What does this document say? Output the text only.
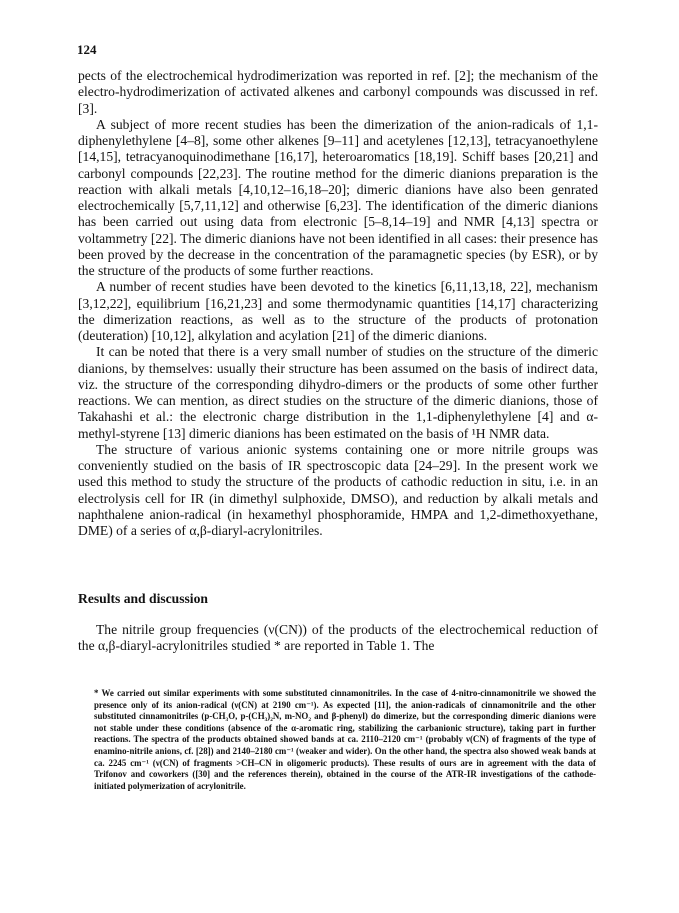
124

pects of the electrochemical hydrodimerization was reported in ref. [2]; the mechanism of the electro-hydrodimerization of activated alkenes and carbonyl compounds was discussed in ref. [3].

A subject of more recent studies has been the dimerization of the anion-radicals of 1,1-diphenylethylene [4–8], some other alkenes [9–11] and acetylenes [12,13], tetracyanoethylene [14,15], tetracyanoquinodimethane [16,17], heteroaromatics [18,19]. Schiff bases [20,21] and carbonyl compounds [22,23]. The routine method for the dimeric dianions preparation is the reaction with alkali metals [4,10,12–16,18–20]; dimeric dianions have also been genrated electrochemically [5,7,11,12] and otherwise [6,23]. The identification of the dimeric dianions has been carried out using data from electronic [5–8,14–19] and NMR [4,13] spectra or voltammetry [22]. The dimeric dianions have not been identified in all cases: their presence has been proved by the decrease in the concentration of the paramagnetic species (by ESR), or by the structure of the products of some further reactions.

A number of recent studies have been devoted to the kinetics [6,11,13,18, 22], mechanism [3,12,22], equilibrium [16,21,23] and some thermodynamic quantities [14,17] characterizing the dimerization reactions, as well as to the structure of the products of protonation (deuteration) [10,12], alkylation and acylation [21] of the dimeric dianions.

It can be noted that there is a very small number of studies on the structure of the dimeric dianions, by themselves: usually their structure has been assumed on the basis of indirect data, viz. the structure of the corresponding dihydro-dimers or the products of some other further reactions. We can mention, as direct studies on the structure of the dimeric dianions, those of Takahashi et al.: the electronic charge distribution in the 1,1-diphenylethylene [4] and α-methyl-styrene [13] dimeric dianions has been estimated on the basis of ¹H NMR data.

The structure of various anionic systems containing one or more nitrile groups was conveniently studied on the basis of IR spectroscopic data [24–29]. In the present work we used this method to study the structure of the products of cathodic reduction in situ, i.e. in an electrolysis cell for IR (in dimethyl sulphoxide, DMSO), and reduction by alkali metals and naphthalene anion-radical (in hexamethyl phosphoramide, HMPA and 1,2-dimethoxyethane, DME) of a series of α,β-diaryl-acrylonitriles.

Results and discussion

The nitrile group frequencies (ν(CN)) of the products of the electrochemical reduction of the α,β-diaryl-acrylonitriles studied * are reported in Table 1. The

* We carried out similar experiments with some substituted cinnamonitriles. In the case of 4-nitro-cinnamonitrile we showed the presence only of its anion-radical (ν(CN) at 2190 cm⁻¹). As expected [11], the anion-radicals of cinnamonitrile and the other substituted cinnamonitriles (p-CH₃O, p-(CH₃)₂N, m-NO₂ and β-phenyl) do dimerize, but the corresponding dimeric dianions were not stable under these conditions (absence of the α-aromatic ring, stabilizing the carbanionic structure), taking part in further reactions. The spectra of the products obtained showed bands at ca. 2110–2120 cm⁻¹ (probably ν(CN) of fragments of the type of enamino-nitrile anions, cf. [28]) and 2140–2180 cm⁻¹ (weaker and wider). On the other hand, the spectra also showed weak bands at ca. 2245 cm⁻¹ (ν(CN) of fragments >CH–CN in oligomeric products). These results of ours are in agreement with the data of Trifonov and coworkers ([30] and the references therein), obtained in the course of the ATR-IR investigations of the cathode-initiated polymerization of acrylonitrile.
